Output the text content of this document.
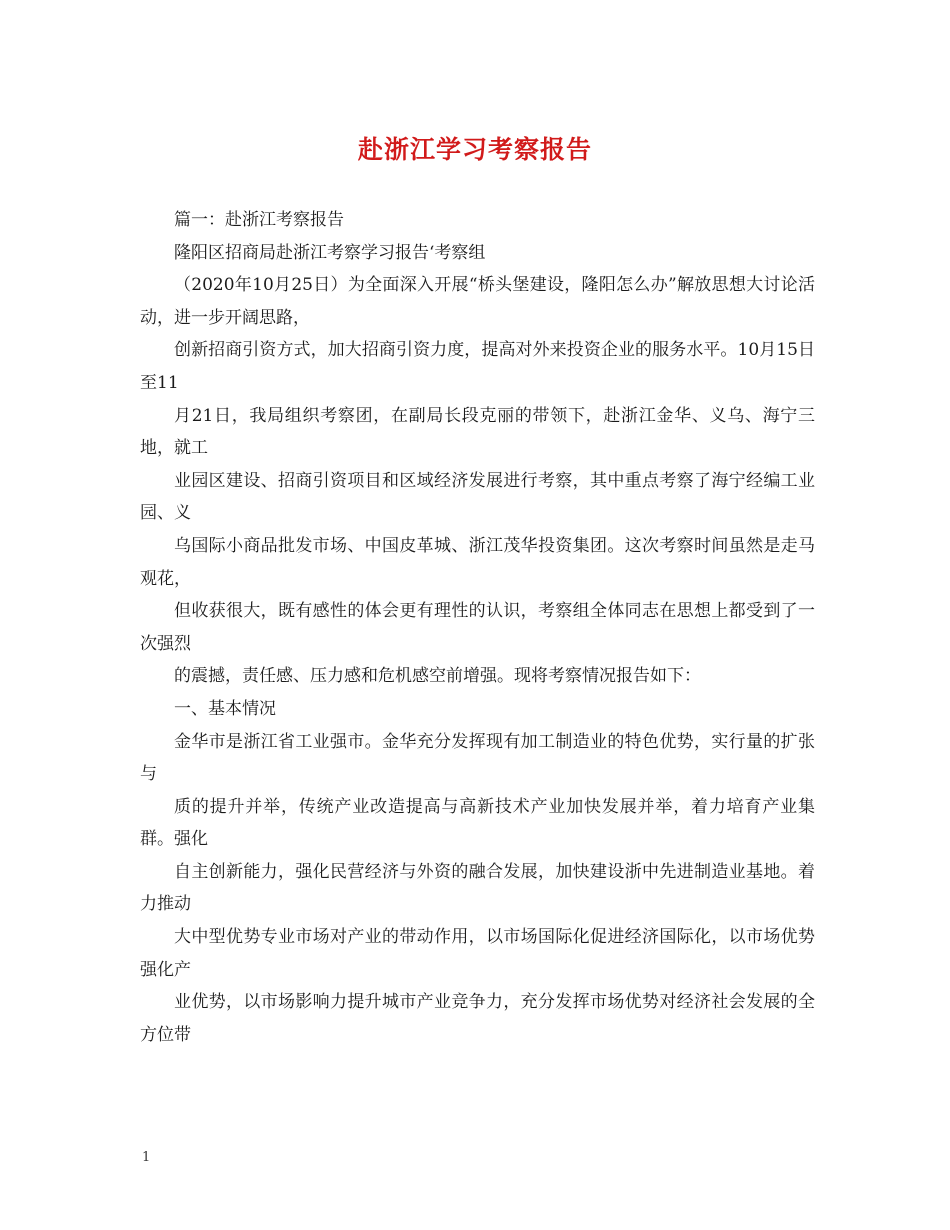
赴浙江学习考察报告

篇一：赴浙江考察报告

隆阳区招商局赴浙江考察学习报告‘考察组

（2020年10月25日）为全面深入开展“桥头堡建设，隆阳怎么办”解放思想大讨论活动，进一步开阔思路，

创新招商引资方式，加大招商引资力度，提高对外来投资企业的服务水平。10月15日至11

月21日，我局组织考察团，在副局长段克丽的带领下，赴浙江金华、义乌、海宁三地，就工

业园区建设、招商引资项目和区域经济发展进行考察，其中重点考察了海宁经编工业园、义

乌国际小商品批发市场、中国皮革城、浙江茂华投资集团。这次考察时间虽然是走马观花，

但收获很大，既有感性的体会更有理性的认识，考察组全体同志在思想上都受到了一次强烈

的震撼，责任感、压力感和危机感空前增强。现将考察情况报告如下：

一、基本情况

金华市是浙江省工业强市。金华充分发挥现有加工制造业的特色优势，实行量的扩张与

质的提升并举，传统产业改造提高与高新技术产业加快发展并举，着力培育产业集群。强化

自主创新能力，强化民营经济与外资的融合发展，加快建设浙中先进制造业基地。着力推动

大中型优势专业市场对产业的带动作用，以市场国际化促进经济国际化，以市场优势强化产

业优势，以市场影响力提升城市产业竞争力，充分发挥市场优势对经济社会发展的全方位带

1
